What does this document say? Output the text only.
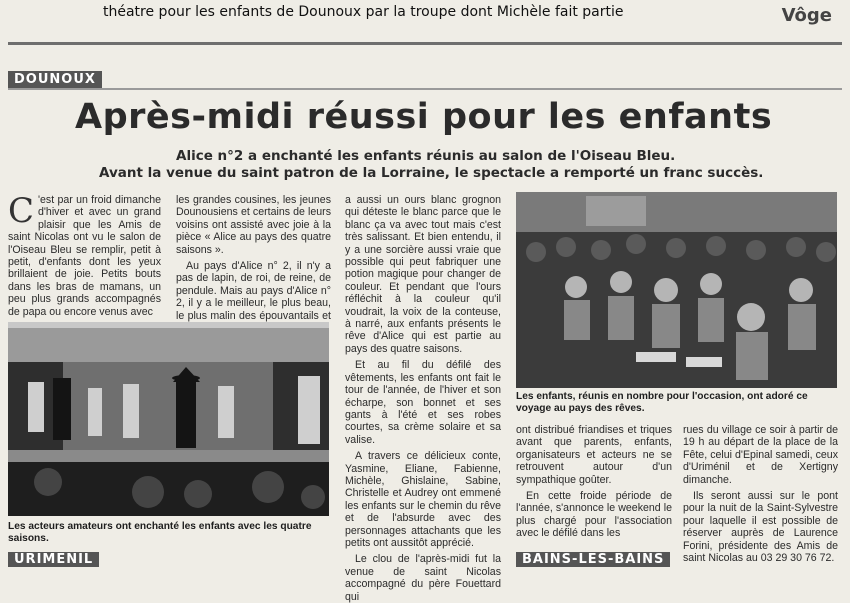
théatre pour les enfants de Dounoux par la troupe dont Michèle fait partie	Vôge
DOUNOUX
Après-midi réussi pour les enfants
Alice n°2 a enchanté les enfants réunis au salon de l'Oiseau Bleu.
Avant la venue du saint patron de la Lorraine, le spectacle a remporté un franc succès.
C 'est par un froid dimanche d'hiver et avec un grand plaisir que les Amis de saint Nicolas ont vu le salon de l'Oiseau Bleu se remplir, petit à petit, d'enfants dont les yeux brillaient de joie. Petits bouts dans les bras de mamans, un peu plus grands accompagnés de papa ou encore venus avec

les grandes cousines, les jeunes Dounousiens et certains de leurs voisins ont assisté avec joie à la pièce « Alice au pays des quatre saisons ».

Au pays d'Alice n° 2, il n'y a pas de lapin, de roi, de reine, de pendule. Mais au pays d'Alice n° 2, il y a le meilleur, le plus beau, le plus malin des épouvantails et

Les acteurs amateurs ont enchanté les enfants avec les quatre saisons.

a aussi un ours blanc grognon qui déteste le blanc parce que le blanc ça va avec tout mais c'est très salissant. Et bien entendu, il y a une sorcière aussi vraie que possible qui peut fabriquer une potion magique pour changer de couleur. Et pendant que l'ours réfléchit à la couleur qu'il voudrait, la voix de la conteuse, à narré, aux enfants présents le rêve d'Alice qui est partie au pays des quatre saisons.

Et au fil du défilé des vêtements, les enfants ont fait le tour de l'année, de l'hiver et son écharpe, son bonnet et ses gants à l'été et ses robes courtes, sa crème solaire et sa valise.

A travers ce délicieux conte, Yasmine, Eliane, Fabienne, Michèle, Ghislaine, Sabine, Christelle et Audrey ont emmené les enfants sur le chemin du rêve et de l'absurde avec des personnages attachants que les petits ont aussitôt apprécié.

Le clou de l'après-midi fut la venue de saint Nicolas accompagné du père Fouettard qui

Les enfants, réunis en nombre pour l'occasion, ont adoré ce voyage au pays des rêves.

ont distribué friandises et triques avant que parents, enfants, organisateurs et acteurs ne se retrouvent autour d'un sympathique goûter.

En cette froide période de l'année, s'annonce le weekend le plus chargé pour l'association avec le défilé dans les

rues du village ce soir à partir de 19 h au départ de la place de la Fête, celui d'Epinal samedi, ceux d'Uriménil et de Xertigny dimanche.

Ils seront aussi sur le pont pour la nuit de la Saint-Sylvestre pour laquelle il est possible de réserver auprès de Laurence Forini, présidente des Amis de saint Nicolas au 03 29 30 76 72.

URIMENIL	BAINS-LES-BAINS
